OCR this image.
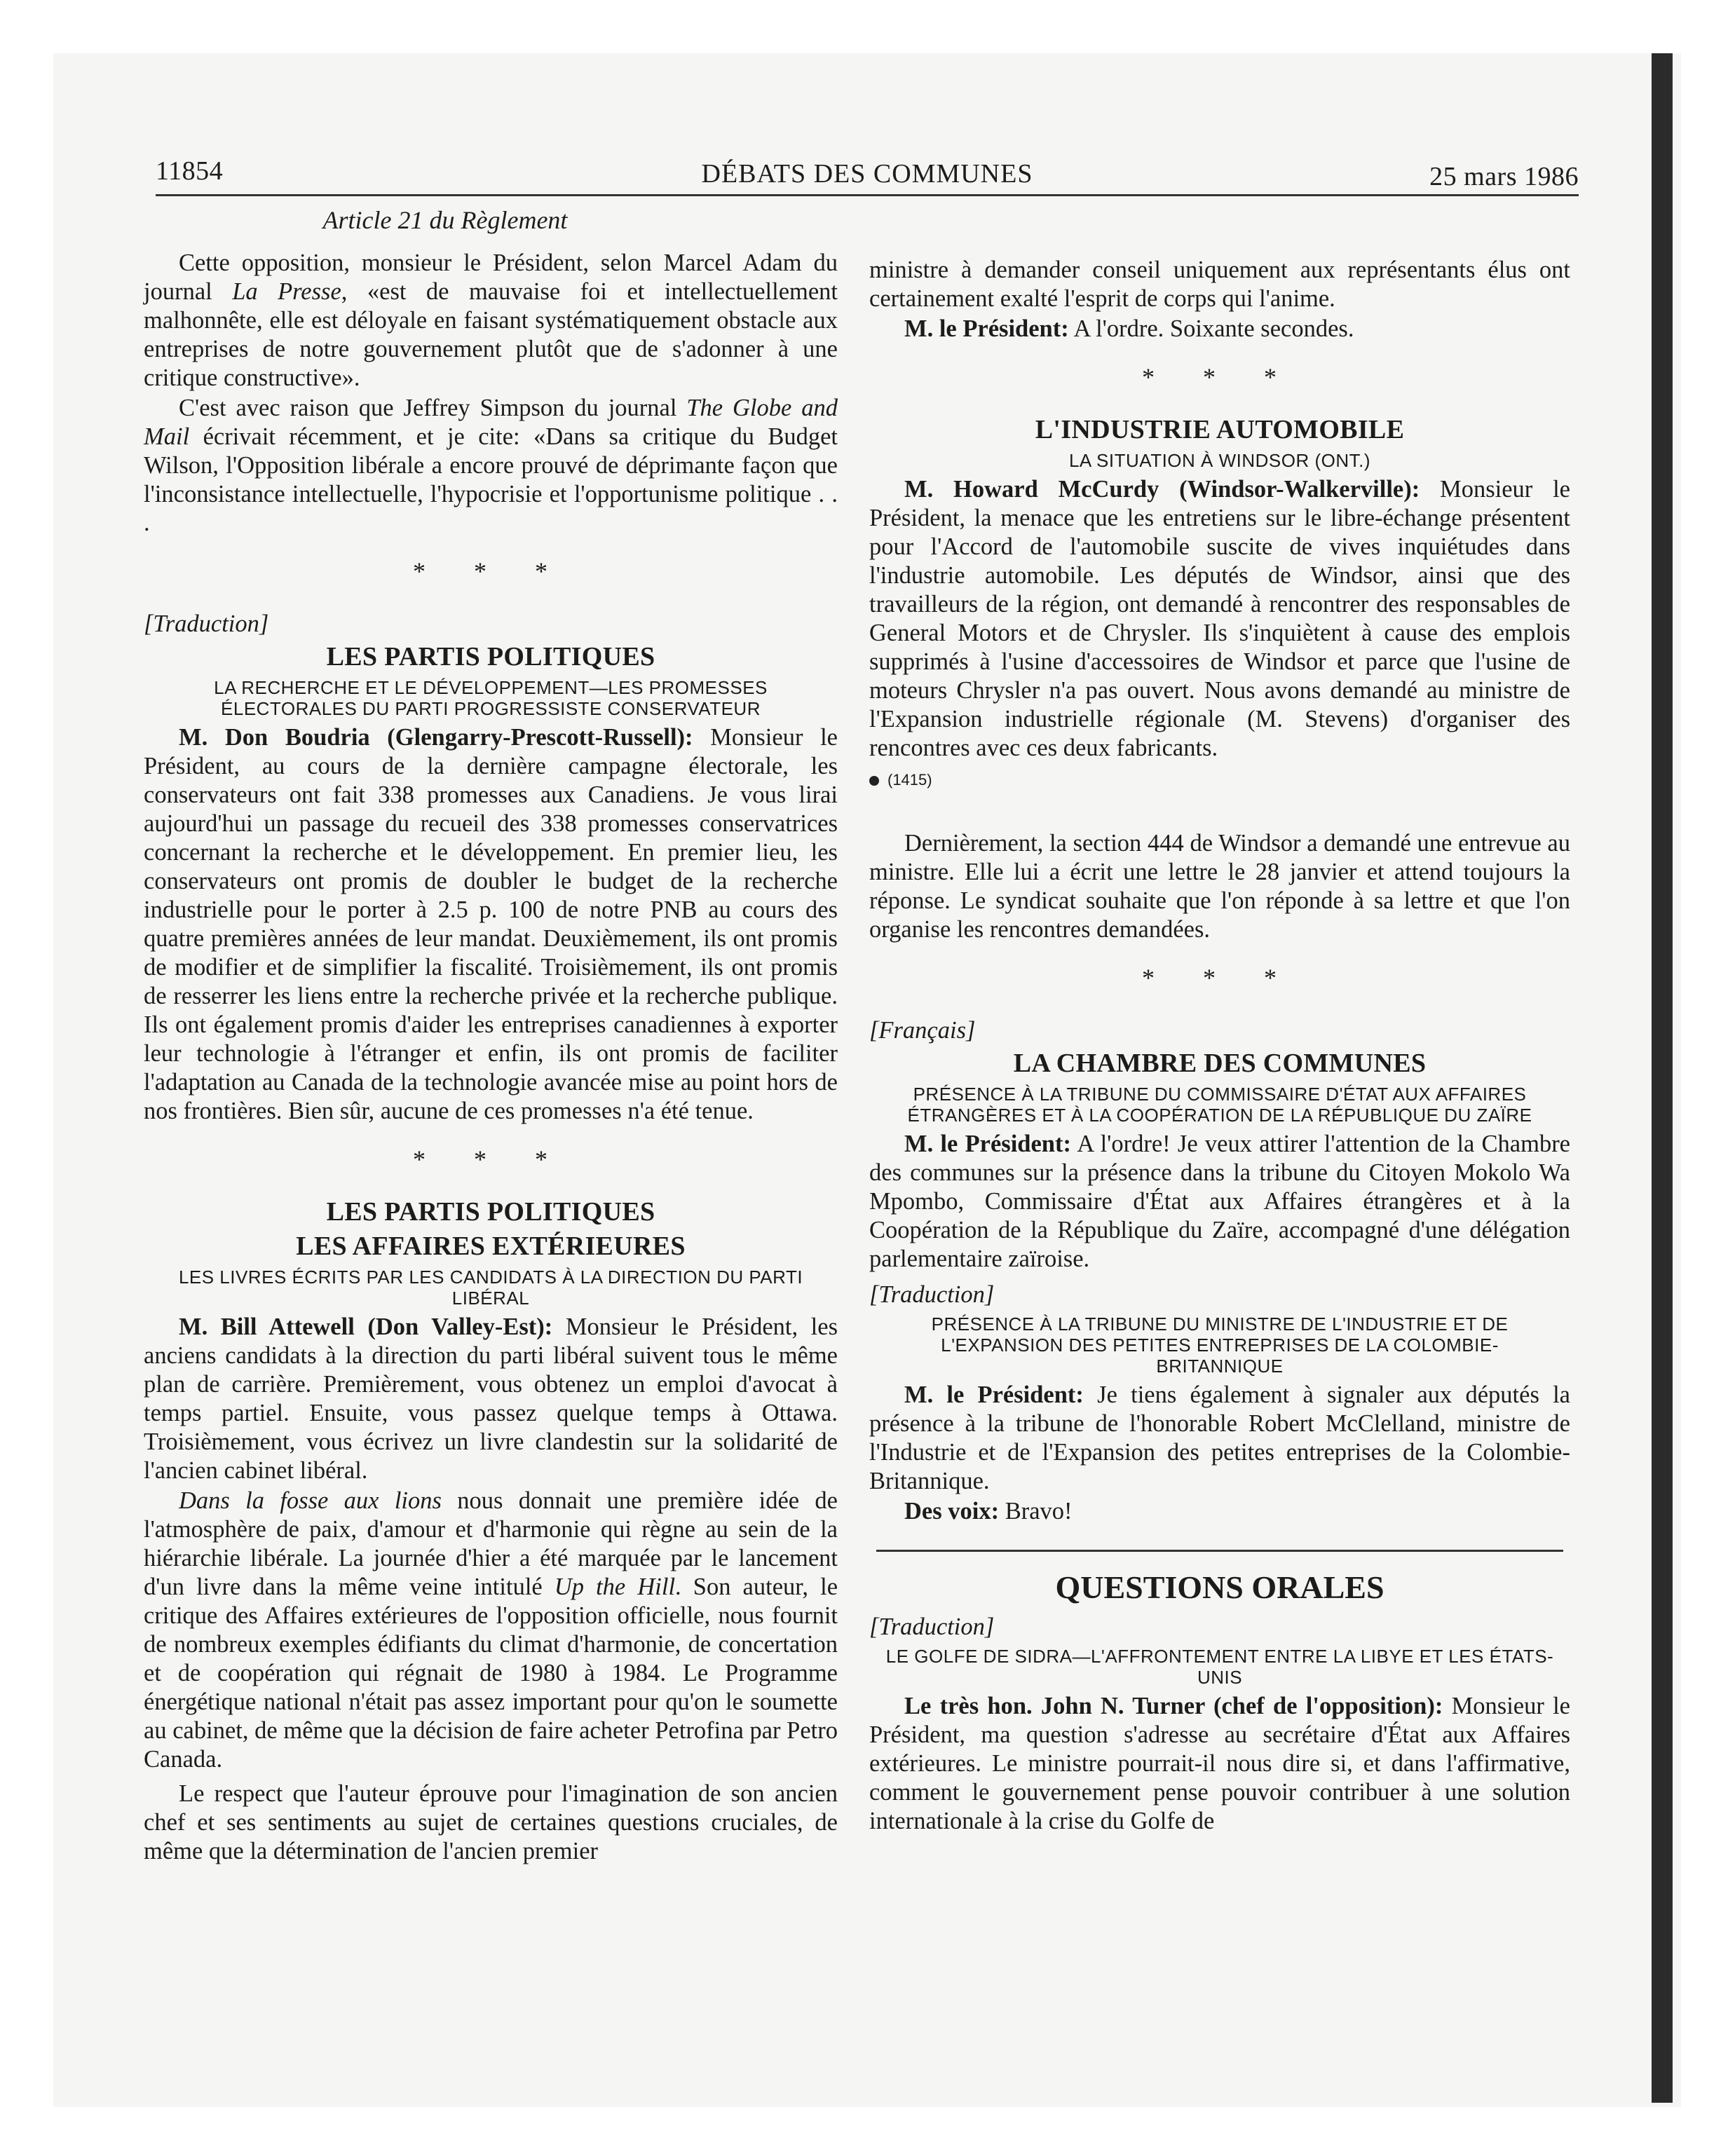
11854	DÉBATS DES COMMUNES	25 mars 1986
Article 21 du Règlement

Cette opposition, monsieur le Président, selon Marcel Adam du journal La Presse, «est de mauvaise foi et intellectuellement malhonnête, elle est déloyale en faisant systématiquement obstacle aux entreprises de notre gouvernement plutôt que de s'adonner à une critique constructive».

C'est avec raison que Jeffrey Simpson du journal The Globe and Mail écrivait récemment, et je cite: «Dans sa critique du Budget Wilson, l'Opposition libérale a encore prouvé de déprimante façon que l'inconsistance intellectuelle, l'hypocrisie et l'opportunisme politique . . .

* * *

[Traduction]

LES PARTIS POLITIQUES
LA RECHERCHE ET LE DÉVELOPPEMENT—LES PROMESSES ÉLECTORALES DU PARTI PROGRESSISTE CONSERVATEUR

M. Don Boudria (Glengarry-Prescott-Russell): Monsieur le Président, au cours de la dernière campagne électorale, les conservateurs ont fait 338 promesses aux Canadiens. Je vous lirai aujourd'hui un passage du recueil des 338 promesses conservatrices concernant la recherche et le développement. En premier lieu, les conservateurs ont promis de doubler le budget de la recherche industrielle pour le porter à 2.5 p. 100 de notre PNB au cours des quatre premières années de leur mandat. Deuxièmement, ils ont promis de modifier et de simplifier la fiscalité. Troisièmement, ils ont promis de resserrer les liens entre la recherche privée et la recherche publique. Ils ont également promis d'aider les entreprises canadiennes à exporter leur technologie à l'étranger et enfin, ils ont promis de faciliter l'adaptation au Canada de la technologie avancée mise au point hors de nos frontières. Bien sûr, aucune de ces promesses n'a été tenue.

* * *
LES PARTIS POLITIQUES
LES AFFAIRES EXTÉRIEURES
LES LIVRES ÉCRITS PAR LES CANDIDATS À LA DIRECTION DU PARTI LIBÉRAL

M. Bill Attewell (Don Valley-Est): Monsieur le Président, les anciens candidats à la direction du parti libéral suivent tous le même plan de carrière. Premièrement, vous obtenez un emploi d'avocat à temps partiel. Ensuite, vous passez quelque temps à Ottawa. Troisièmement, vous écrivez un livre clandestin sur la solidarité de l'ancien cabinet libéral.

Dans la fosse aux lions nous donnait une première idée de l'atmosphère de paix, d'amour et d'harmonie qui règne au sein de la hiérarchie libérale. La journée d'hier a été marquée par le lancement d'un livre dans la même veine intitulé Up the Hill. Son auteur, le critique des Affaires extérieures de l'opposition officielle, nous fournit de nombreux exemples édifiants du climat d'harmonie, de concertation et de coopération qui régnait de 1980 à 1984. Le Programme énergétique national n'était pas assez important pour qu'on le soumette au cabinet, de même que la décision de faire acheter Petrofina par Petro Canada.

Le respect que l'auteur éprouve pour l'imagination de son ancien chef et ses sentiments au sujet de certaines questions cruciales, de même que la détermination de l'ancien premier

ministre à demander conseil uniquement aux représentants élus ont certainement exalté l'esprit de corps qui l'anime.

M. le Président: A l'ordre. Soixante secondes.

* * *
L'INDUSTRIE AUTOMOBILE
LA SITUATION À WINDSOR (ONT.)

M. Howard McCurdy (Windsor-Walkerville): Monsieur le Président, la menace que les entretiens sur le libre-échange présentent pour l'Accord de l'automobile suscite de vives inquiétudes dans l'industrie automobile. Les députés de Windsor, ainsi que des travailleurs de la région, ont demandé à rencontrer des responsables de General Motors et de Chrysler. Ils s'inquiètent à cause des emplois supprimés à l'usine d'accessoires de Windsor et parce que l'usine de moteurs Chrysler n'a pas ouvert. Nous avons demandé au ministre de l'Expansion industrielle régionale (M. Stevens) d'organiser des rencontres avec ces deux fabricants.

(1415)

Dernièrement, la section 444 de Windsor a demandé une entrevue au ministre. Elle lui a écrit une lettre le 28 janvier et attend toujours la réponse. Le syndicat souhaite que l'on réponde à sa lettre et que l'on organise les rencontres demandées.

* * *

[Français]

LA CHAMBRE DES COMMUNES
PRÉSENCE À LA TRIBUNE DU COMMISSAIRE D'ÉTAT AUX AFFAIRES ÉTRANGÈRES ET À LA COOPÉRATION DE LA RÉPUBLIQUE DU ZAÏRE

M. le Président: A l'ordre! Je veux attirer l'attention de la Chambre des communes sur la présence dans la tribune du Citoyen Mokolo Wa Mpombo, Commissaire d'État aux Affaires étrangères et à la Coopération de la République du Zaïre, accompagné d'une délégation parlementaire zaïroise.

[Traduction]

PRÉSENCE À LA TRIBUNE DU MINISTRE DE L'INDUSTRIE ET DE L'EXPANSION DES PETITES ENTREPRISES DE LA COLOMBIE-BRITANNIQUE

M. le Président: Je tiens également à signaler aux députés la présence à la tribune de l'honorable Robert McClelland, ministre de l'Industrie et de l'Expansion des petites entreprises de la Colombie-Britannique.

Des voix: Bravo!

QUESTIONS ORALES

[Traduction]

LE GOLFE DE SIDRA—L'AFFRONTEMENT ENTRE LA LIBYE ET LES ÉTATS-UNIS

Le très hon. John N. Turner (chef de l'opposition): Monsieur le Président, ma question s'adresse au secrétaire d'État aux Affaires extérieures. Le ministre pourrait-il nous dire si, et dans l'affirmative, comment le gouvernement pense pouvoir contribuer à une solution internationale à la crise du Golfe de
